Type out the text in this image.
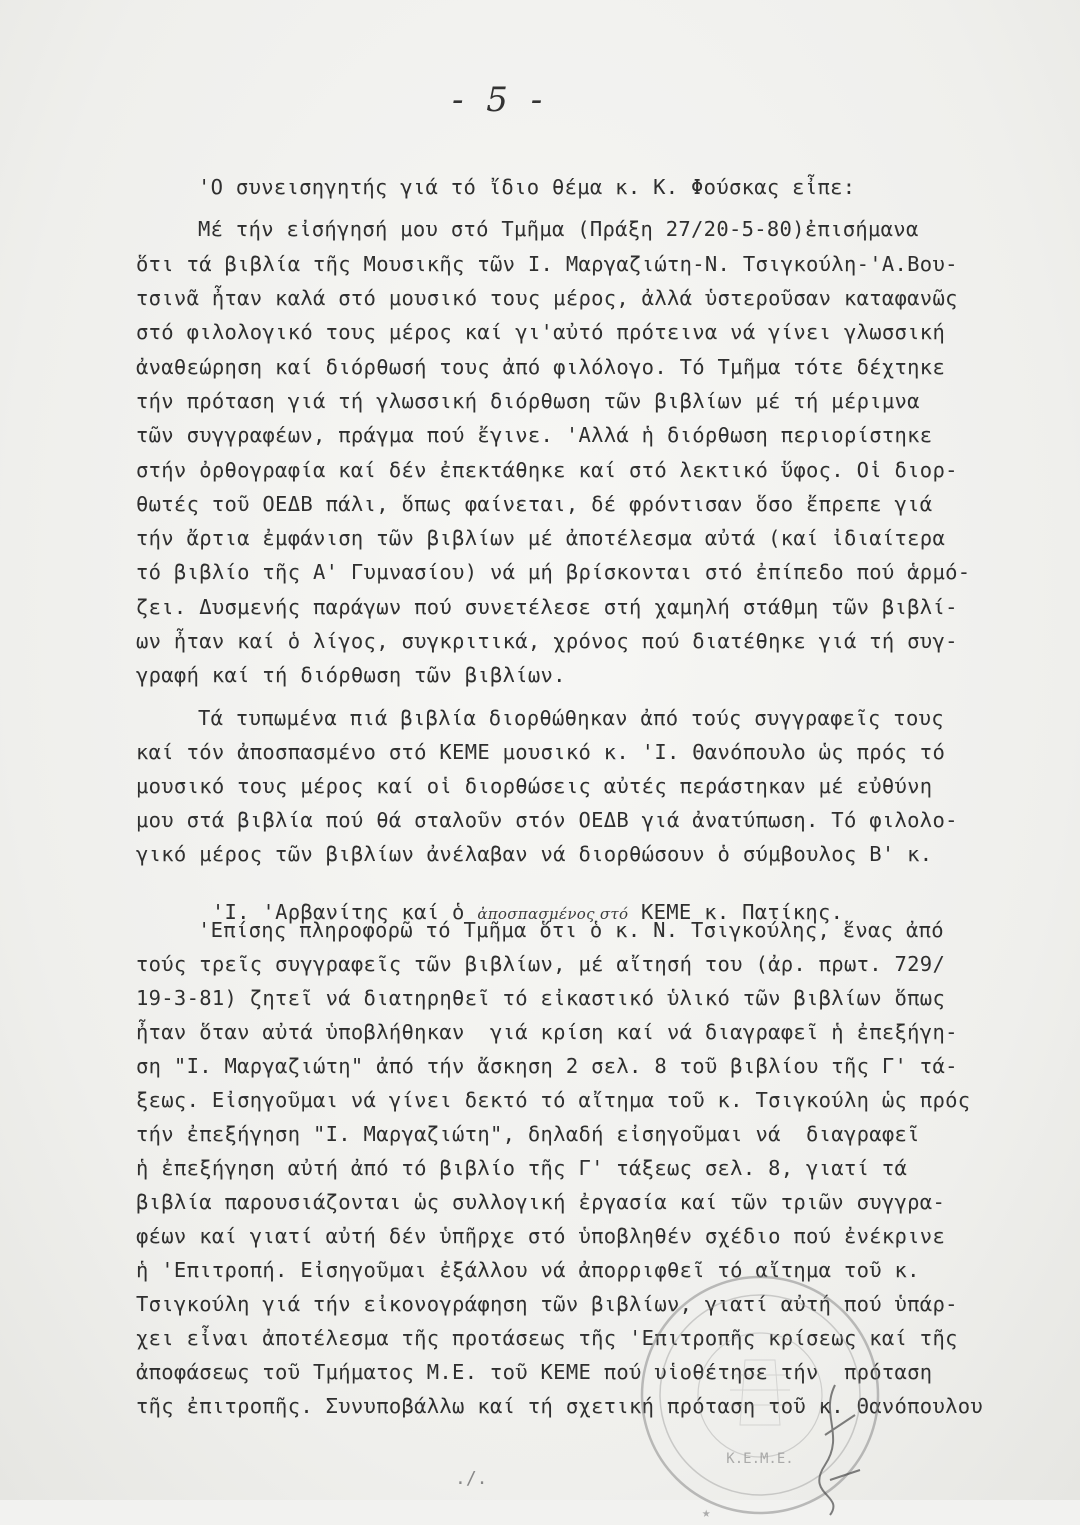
- 5 -
'Ο συνεισηγητής γιά τό ἴδιο θέμα κ. Κ. Φούσκας εἶπε:
Μέ τήν εἰσήγησή μου στό Τμῆμα (Πράξη 27/20-5-80)ἐπισήμανα
ὅτι τά βιβλία τῆς Μουσικῆς τῶν Ι. Μαργαζιώτη-Ν. Τσιγκούλη-'Α.Βου-
τσινᾶ ἦταν καλά στό μουσικό τους μέρος, ἀλλά ὑστεροῦσαν καταφανῶς
στό φιλολογικό τους μέρος καί γι'αὐτό πρότεινα νά γίνει γλωσσική
ἀναθεώρηση καί διόρθωσή τους ἀπό φιλόλογο. Τό Τμῆμα τότε δέχτηκε
τήν πρόταση γιά τή γλωσσική διόρθωση τῶν βιβλίων μέ τή μέριμνα
τῶν συγγραφέων, πράγμα πού ἔγινε. 'Αλλά ἡ διόρθωση περιορίστηκε
στήν ὀρθογραφία καί δέν ἐπεκτάθηκε καί στό λεκτικό ὕφος. Οἱ διορ-
θωτές τοῦ ΟΕΔΒ πάλι, ὅπως φαίνεται, δέ φρόντισαν ὅσο ἔπρεπε γιά
τήν ἄρτια ἐμφάνιση τῶν βιβλίων μέ ἀποτέλεσμα αὐτά (καί ἰδιαίτερα
τό βιβλίο τῆς Α' Γυμνασίου) νά μή βρίσκονται στό ἐπίπεδο πού ἁρμό-
ζει. Δυσμενής παράγων πού συνετέλεσε στή χαμηλή στάθμη τῶν βιβλί-
ων ἦταν καί ὁ λίγος, συγκριτικά, χρόνος πού διατέθηκε γιά τή συγ-
γραφή καί τή διόρθωση τῶν βιβλίων.
Τά τυπωμένα πιά βιβλία διορθώθηκαν ἀπό τούς συγγραφεῖς τους
καί τόν ἀποσπασμένο στό ΚΕΜΕ μουσικό κ. 'Ι. Θανόπουλο ὡς πρός τό
μουσικό τους μέρος καί οἱ διορθώσεις αὐτές περάστηκαν μέ εὐθύνη
μου στά βιβλία πού θά σταλοῦν στόν ΟΕΔΒ γιά ἀνατύπωση. Τό φιλολο-
γικό μέρος τῶν βιβλίων ἀνέλαβαν νά διορθώσουν ὁ σύμβουλος Β' κ.

'Ι. 'Αρβανίτης καί ὁ ἀποσπασμένος στό ΚΕΜΕ κ. Πατίκης.

'Επίσης πληροφορῶ τό Τμῆμα ὅτι ὁ κ. Ν. Τσιγκούλης, ἕνας ἀπό
τούς τρεῖς συγγραφεῖς τῶν βιβλίων, μέ αἴτησή του (ἀρ. πρωτ. 729/
19-3-81) ζητεῖ νά διατηρηθεῖ τό εἰκαστικό ὑλικό τῶν βιβλίων ὅπως
ἦταν ὅταν αὐτά ὑποβλήθηκαν  γιά κρίση καί νά διαγραφεῖ ἡ ἐπεξήγη-
ση "Ι. Μαργαζιώτη" ἀπό τήν ἄσκηση 2 σελ. 8 τοῦ βιβλίου τῆς Γ' τά-
ξεως. Εἰσηγοῦμαι νά γίνει δεκτό τό αἴτημα τοῦ κ. Τσιγκούλη ὡς πρός
τήν ἐπεξήγηση "Ι. Μαργαζιώτη", δηλαδή εἰσηγοῦμαι νά  διαγραφεῖ
ἡ ἐπεξήγηση αὐτή ἀπό τό βιβλίο τῆς Γ' τάξεως σελ. 8, γιατί τά
βιβλία παρουσιάζονται ὡς συλλογική ἐργασία καί τῶν τριῶν συγγρα-
φέων καί γιατί αὐτή δέν ὑπῆρχε στό ὑποβληθέν σχέδιο πού ἐνέκρινε
ἡ 'Επιτροπή. Εἰσηγοῦμαι ἐξάλλου νά ἀπορριφθεῖ τό αἴτημα τοῦ κ.
Τσιγκούλη γιά τήν εἰκονογράφηση τῶν βιβλίων, γιατί αὐτή πού ὑπάρ-
χει εἶναι ἀποτέλεσμα τῆς προτάσεως τῆς 'Επιτροπῆς κρίσεως καί τῆς
ἀποφάσεως τοῦ Τμήματος Μ.Ε. τοῦ ΚΕΜΕ πού υἱοθέτησε τήν  πρόταση
τῆς ἐπιτροπῆς. Συνυποβάλλω καί τή σχετική πρόταση τοῦ κ. Θανόπουλου
Κ.Ε.Μ.Ε.
★
./.
